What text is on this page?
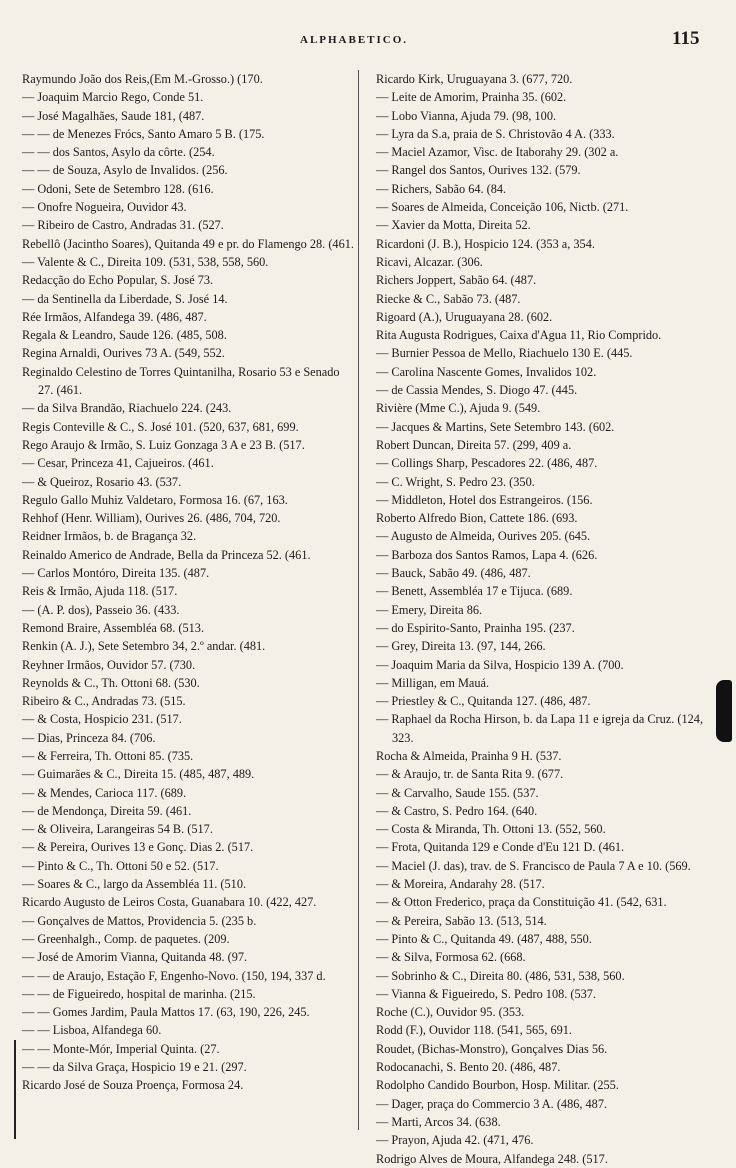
ALPHABETICO.	115

Raymundo João dos Reis,(Em M.-Grosso.) (170.

— Joaquim Marcio Rego, Conde 51.

— José Magalhães, Saude 181, (487.

— — de Menezes Frócs, Santo Amaro 5 B. (175.

— — dos Santos, Asylo da côrte. (254.

— — de Souza, Asylo de Invalidos. (256.

— Odoni, Sete de Setembro 128. (616.

— Onofre Nogueira, Ouvidor 43.

— Ribeiro de Castro, Andradas 31. (527.

Rebellô (Jacintho Soares), Quitanda 49 e pr. do Flamengo 28. (461.

— Valente & C., Direita 109. (531, 538, 558, 560.

Redacção do Echo Popular, S. José 73.

— da Sentinella da Liberdade, S. José 14.

Rée Irmãos, Alfandega 39. (486, 487.

Regala & Leandro, Saude 126. (485, 508.

Regina Arnaldi, Ourives 73 A. (549, 552.

Reginaldo Celestino de Torres Quintanilha, Rosario 53 e Senado 27. (461.

— da Silva Brandão, Riachuelo 224. (243.

Regis Conteville & C., S. José 101. (520, 637, 681, 699.

Rego Araujo & Irmão, S. Luiz Gonzaga 3 A e 23 B. (517.

— Cesar, Princeza 41, Cajueiros. (461.

— & Queiroz, Rosario 43. (537.

Regulo Gallo Muhiz Valdetaro, Formosa 16. (67, 163.

Rehhof (Henr. William), Ourives 26. (486, 704, 720.

Reidner Irmãos, b. de Bragança 32.

Reinaldo Americo de Andrade, Bella da Princeza 52. (461.

— Carlos Montóro, Direita 135. (487.

Reis & Irmão, Ajuda 118. (517.

— (A. P. dos), Passeio 36. (433.

Remond Braire, Assembléa 68. (513.

Renkin (A. J.), Sete Setembro 34, 2.º andar. (481.

Reyhner Irmãos, Ouvidor 57. (730.

Reynolds & C., Th. Ottoni 68. (530.

Ribeiro & C., Andradas 73. (515.

— & Costa, Hospicio 231. (517.

— Dias, Princeza 84. (706.

— & Ferreira, Th. Ottoni 85. (735.

— Guimarães & C., Direita 15. (485, 487, 489.

— & Mendes, Carioca 117. (689.

— de Mendonça, Direita 59. (461.

— & Oliveira, Larangeiras 54 B. (517.

— & Pereira, Ourives 13 e Gonç. Dias 2. (517.

— Pinto & C., Th. Ottoni 50 e 52. (517.

— Soares & C., largo da Assembléa 11. (510.

Ricardo Augusto de Leiros Costa, Guanabara 10. (422, 427.

— Gonçalves de Mattos, Providencia 5. (235 b.

— Greenhalgh., Comp. de paquetes. (209.

— José de Amorim Vianna, Quitanda 48. (97.

— — de Araujo, Estação F, Engenho-Novo. (150, 194, 337 d.

— — de Figueiredo, hospital de marinha. (215.

— — Gomes Jardim, Paula Mattos 17. (63, 190, 226, 245.

— — Lisboa, Alfandega 60.

— — Monte-Mór, Imperial Quinta. (27.

— — da Silva Graça, Hospicio 19 e 21. (297.

Ricardo José de Souza Proença, Formosa 24.

Ricardo Kirk, Uruguayana 3. (677, 720.

— Leite de Amorim, Prainha 35. (602.

— Lobo Vianna, Ajuda 79. (98, 100.

— Lyra da S.a, praia de S. Christovão 4 A. (333.

— Maciel Azamor, Visc. de Itaborahy 29. (302 a.

— Rangel dos Santos, Ourives 132. (579.

— Richers, Sabão 64. (84.

— Soares de Almeida, Conceição 106, Nictb. (271.

— Xavier da Motta, Direita 52.

Ricardoni (J. B.), Hospicio 124. (353 a, 354.

Ricavi, Alcazar. (306.

Richers Joppert, Sabão 64. (487.

Riecke & C., Sabão 73. (487.

Rigoard (A.), Uruguayana 28. (602.

Rita Augusta Rodrigues, Caixa d'Agua 11, Rio Comprido.

— Burnier Pessoa de Mello, Riachuelo 130 E. (445.

— Carolina Nascente Gomes, Invalidos 102.

— de Cassia Mendes, S. Diogo 47. (445.

Rivière (Mme C.), Ajuda 9. (549.

— Jacques & Martins, Sete Setembro 143. (602.

Robert Duncan, Direita 57. (299, 409 a.

— Collings Sharp, Pescadores 22. (486, 487.

— C. Wright, S. Pedro 23. (350.

— Middleton, Hotel dos Estrangeiros. (156.

Roberto Alfredo Bion, Cattete 186. (693.

— Augusto de Almeida, Ourives 205. (645.

— Barboza dos Santos Ramos, Lapa 4. (626.

— Bauck, Sabão 49. (486, 487.

— Benett, Assembléa 17 e Tijuca. (689.

— Emery, Direita 86.

— do Espirito-Santo, Prainha 195. (237.

— Grey, Direita 13. (97, 144, 266.

— Joaquim Maria da Silva, Hospicio 139 A. (700.

— Milligan, em Mauá.

— Priestley & C., Quitanda 127. (486, 487.

— Raphael da Rocha Hirson, b. da Lapa 11 e igreja da Cruz. (124, 323.

Rocha & Almeida, Prainha 9 H. (537.

— & Araujo, tr. de Santa Rita 9. (677.

— & Carvalho, Saude 155. (537.

— & Castro, S. Pedro 164. (640.

— Costa & Miranda, Th. Ottoni 13. (552, 560.

— Frota, Quitanda 129 e Conde d'Eu 121 D. (461.

— Maciel (J. das), trav. de S. Francisco de Paula 7 A e 10. (569.

— & Moreira, Andarahy 28. (517.

— & Otton Frederico, praça da Constituição 41. (542, 631.

— & Pereira, Sabão 13. (513, 514.

— Pinto & C., Quitanda 49. (487, 488, 550.

— & Silva, Formosa 62. (668.

— Sobrinho & C., Direita 80. (486, 531, 538, 560.

— Vianna & Figueiredo, S. Pedro 108. (537.

Roche (C.), Ouvidor 95. (353.

Rodd (F.), Ouvidor 118. (541, 565, 691.

Roudet, (Bichas-Monstro), Gonçalves Dias 56.

Rodocanachi, S. Bento 20. (486, 487.

Rodolpho Candido Bourbon, Hosp. Militar. (255.

— Dager, praça do Commercio 3 A. (486, 487.

— Marti, Arcos 34. (638.

— Prayon, Ajuda 42. (471, 476.

Rodrigo Alves de Moura, Alfandega 248. (517.
